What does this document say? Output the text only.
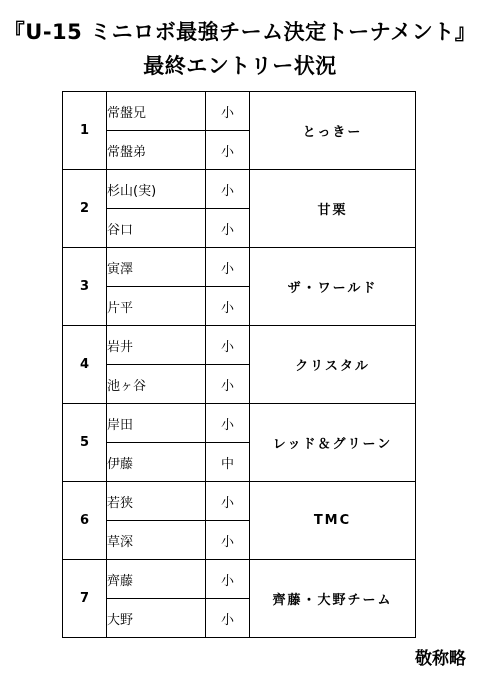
『U-15 ミニロボ最強チーム決定トーナメント』
最終エントリー状況
1	常盤兄	小	とっきー
	常盤弟	小	
2	杉山(実)	小	甘栗
	谷口	小	
3	寅澤	小	ザ・ワールド
	片平	小	
4	岩井	小	クリスタル
	池ヶ谷	小	
5	岸田	小	レッド＆グリーン
	伊藤	中	
6	若狭	小	TMC
	草深	小	
7	齊藤	小	齊藤・大野チーム
	大野	小	
敬称略
